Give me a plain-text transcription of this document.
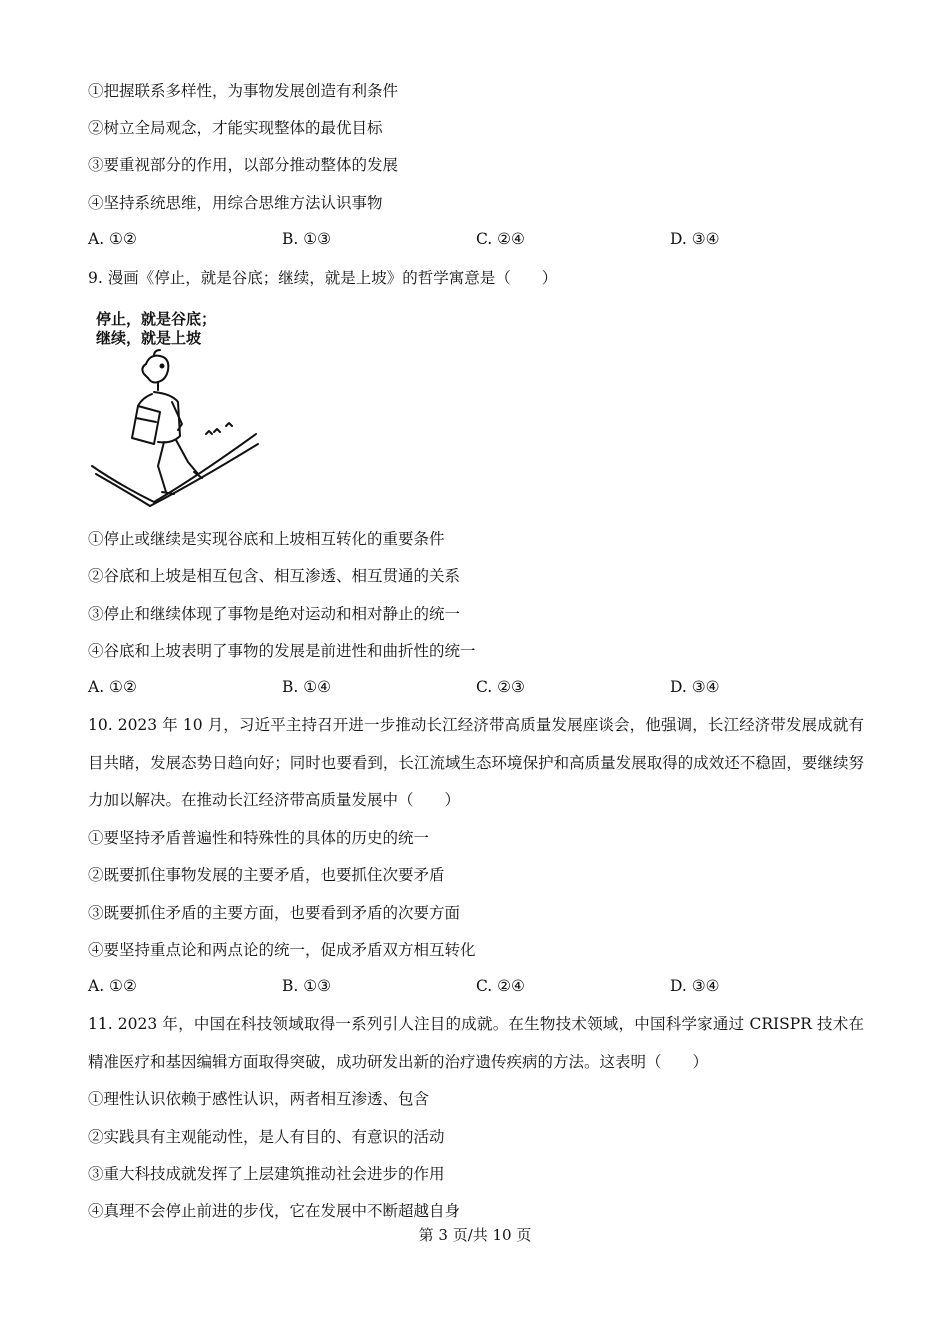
①把握联系多样性，为事物发展创造有利条件
②树立全局观念，才能实现整体的最优目标
③要重视部分的作用，以部分推动整体的发展
④坚持系统思维，用综合思维方法认识事物
A. ①②	B. ①③	C. ②④	D. ③④
9. 漫画《停止，就是谷底；继续，就是上坡》的哲学寓意是（　　）
停止，就是谷底；
继续，就是上坡
①停止或继续是实现谷底和上坡相互转化的重要条件
②谷底和上坡是相互包含、相互渗透、相互贯通的关系
③停止和继续体现了事物是绝对运动和相对静止的统一
④谷底和上坡表明了事物的发展是前进性和曲折性的统一
A. ①②	B. ①④	C. ②③	D. ③④
10. 2023 年 10 月，习近平主持召开进一步推动长江经济带高质量发展座谈会，他强调，长江经济带发展成就有目共睹，发展态势日趋向好；同时也要看到，长江流域生态环境保护和高质量发展取得的成效还不稳固，要继续努力加以解决。在推动长江经济带高质量发展中（　　）
①要坚持矛盾普遍性和特殊性的具体的历史的统一
②既要抓住事物发展的主要矛盾，也要抓住次要矛盾
③既要抓住矛盾的主要方面，也要看到矛盾的次要方面
④要坚持重点论和两点论的统一，促成矛盾双方相互转化
A. ①②	B. ①③	C. ②④	D. ③④
11. 2023 年，中国在科技领域取得一系列引人注目的成就。在生物技术领域，中国科学家通过 CRISPR 技术在精准医疗和基因编辑方面取得突破，成功研发出新的治疗遗传疾病的方法。这表明（　　）
①理性认识依赖于感性认识，两者相互渗透、包含
②实践具有主观能动性，是人有目的、有意识的活动
③重大科技成就发挥了上层建筑推动社会进步的作用
④真理不会停止前进的步伐，它在发展中不断超越自身
第 3 页/共 10 页
